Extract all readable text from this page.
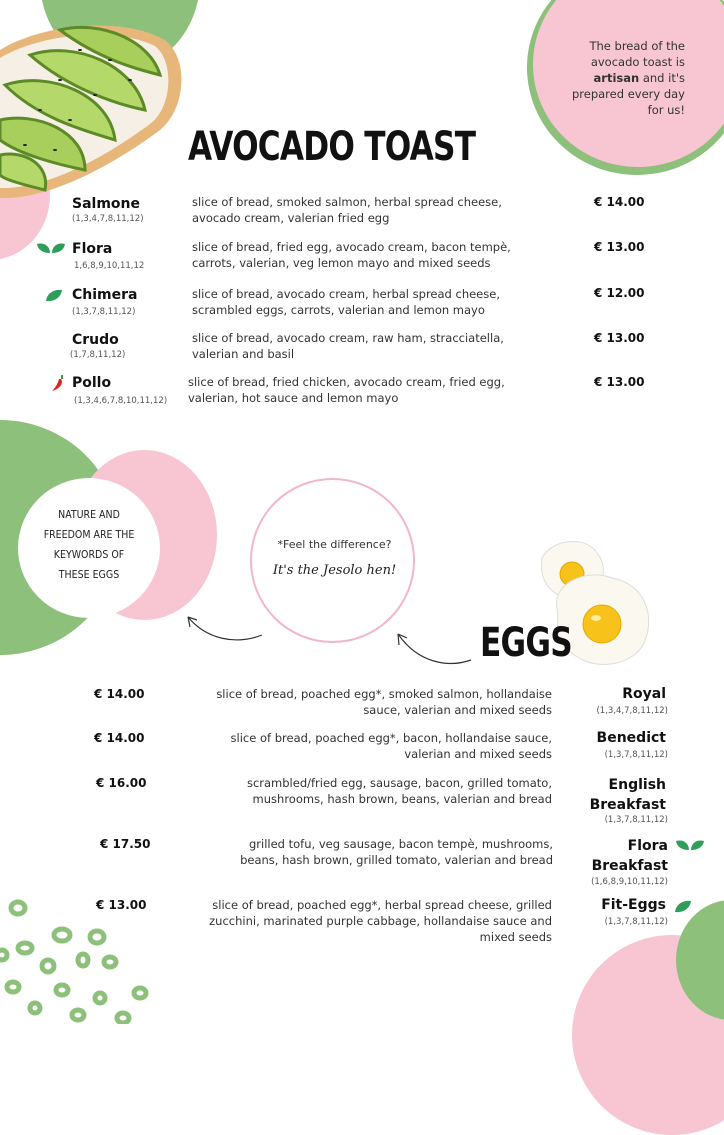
The bread of the
avocado toast is
artisan and it's
prepared every day
for us!
AVOCADO TOAST
Salmone
(1,3,4,7,8,11,12)
slice of bread, smoked salmon, herbal spread cheese,
avocado cream, valerian fried egg
€ 14.00
Flora
1,6,8,9,10,11,12
slice of bread, fried egg, avocado cream, bacon tempè,
carrots, valerian, veg lemon mayo and mixed seeds
€ 13.00
Chimera
(1,3,7,8,11,12)
slice of bread, avocado cream, herbal spread cheese,
scrambled eggs, carrots, valerian and lemon mayo
€ 12.00
Crudo
(1,7,8,11,12)
slice of bread, avocado cream, raw ham, stracciatella,
valerian and basil
€ 13.00
Pollo
(1,3,4,6,7,8,10,11,12)
slice of bread, fried chicken, avocado cream, fried egg,
valerian, hot sauce and lemon mayo
€ 13.00
NATURE AND
FREEDOM ARE THE
KEYWORDS OF
THESE EGGS
*Feel the difference?
It's the Jesolo hen!
EGGS
€ 14.00	slice of bread, poached egg*, smoked salmon, hollandaise
sauce, valerian and mixed seeds
Royal
(1,3,4,7,8,11,12)
€ 14.00	slice of bread, poached egg*, bacon, hollandaise sauce,
valerian and mixed seeds
Benedict
(1,3,7,8,11,12)
€ 16.00	scrambled/fried egg, sausage, bacon, grilled tomato,
mushrooms, hash brown, beans, valerian and bread
English
Breakfast
(1,3,7,8,11,12)
€ 17.50	grilled tofu, veg sausage, bacon tempè, mushrooms,
beans, hash brown, grilled tomato, valerian and bread
Flora
Breakfast
(1,6,8,9,10,11,12)
€ 13.00	slice of bread, poached egg*, herbal spread cheese, grilled
zucchini, marinated purple cabbage, hollandaise sauce and
mixed seeds
Fit-Eggs
(1,3,7,8,11,12)
